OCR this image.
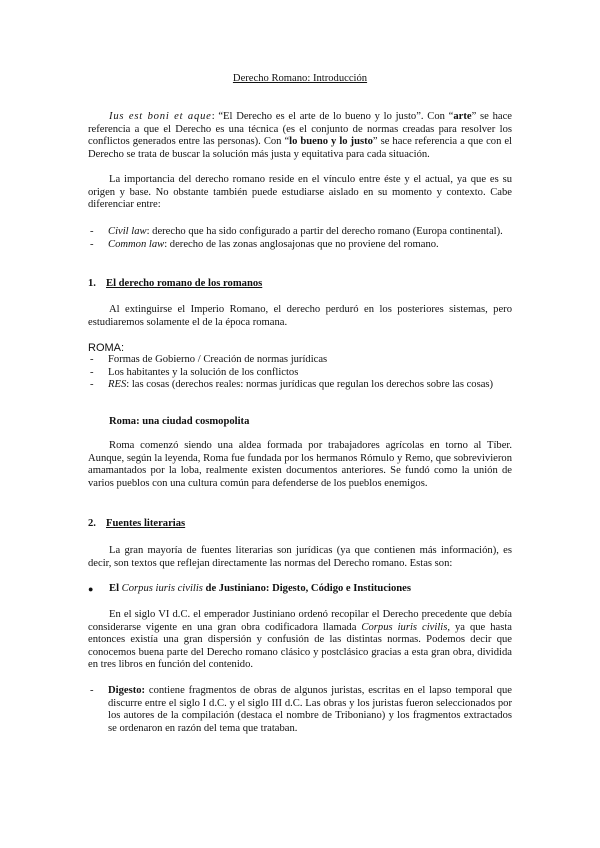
Derecho Romano: Introducción

Ius est boni et aque: “El Derecho es el arte de lo bueno y lo justo”. Con “arte” se hace referencia a que el Derecho es una técnica (es el conjunto de normas creadas para resolver los conflictos generados entre las personas). Con “lo bueno y lo justo” se hace referencia a que con el Derecho se trata de buscar la solución más justa y equitativa para cada situación.

La importancia del derecho romano reside en el vínculo entre éste y el actual, ya que es su origen y base. No obstante también puede estudiarse aislado en su momento y contexto. Cabe diferenciar entre:

- Civil law: derecho que ha sido configurado a partir del derecho romano (Europa continental).
- Common law: derecho de las zonas anglosajonas que no proviene del romano.

1. El derecho romano de los romanos

Al extinguirse el Imperio Romano, el derecho perduró en los posteriores sistemas, pero estudiaremos solamente el de la época romana.

ROMA:

- Formas de Gobierno / Creación de normas jurídicas
- Los habitantes y la solución de los conflictos
- RES: las cosas (derechos reales: normas jurídicas que regulan los derechos sobre las cosas)

Roma: una ciudad cosmopolita

Roma comenzó siendo una aldea formada por trabajadores agrícolas en torno al Tíber. Aunque, según la leyenda, Roma fue fundada por los hermanos Rómulo y Remo, que sobrevivieron amamantados por la loba, realmente existen documentos anteriores. Se fundó como la unión de varios pueblos con una cultura común para defenderse de los pueblos enemigos.

2. Fuentes literarias

La gran mayoría de fuentes literarias son jurídicas (ya que contienen más información), es decir, son textos que reflejan directamente las normas del Derecho romano. Estas son:

● El Corpus iuris civilis de Justiniano: Digesto, Código e Instituciones

En el siglo VI d.C. el emperador Justiniano ordenó recopilar el Derecho precedente que debía considerarse vigente en una gran obra codificadora llamada Corpus iuris civilis, ya que hasta entonces existía una gran dispersión y confusión de las distintas normas. Podemos decir que conocemos buena parte del Derecho romano clásico y postclásico gracias a esta gran obra, dividida en tres libros en función del contenido.

- Digesto: contiene fragmentos de obras de algunos juristas, escritas en el lapso temporal que discurre entre el siglo I d.C. y el siglo III d.C. Las obras y los juristas fueron seleccionados por los autores de la compilación (destaca el nombre de Triboniano) y los fragmentos extractados se ordenaron en razón del tema que trataban.
